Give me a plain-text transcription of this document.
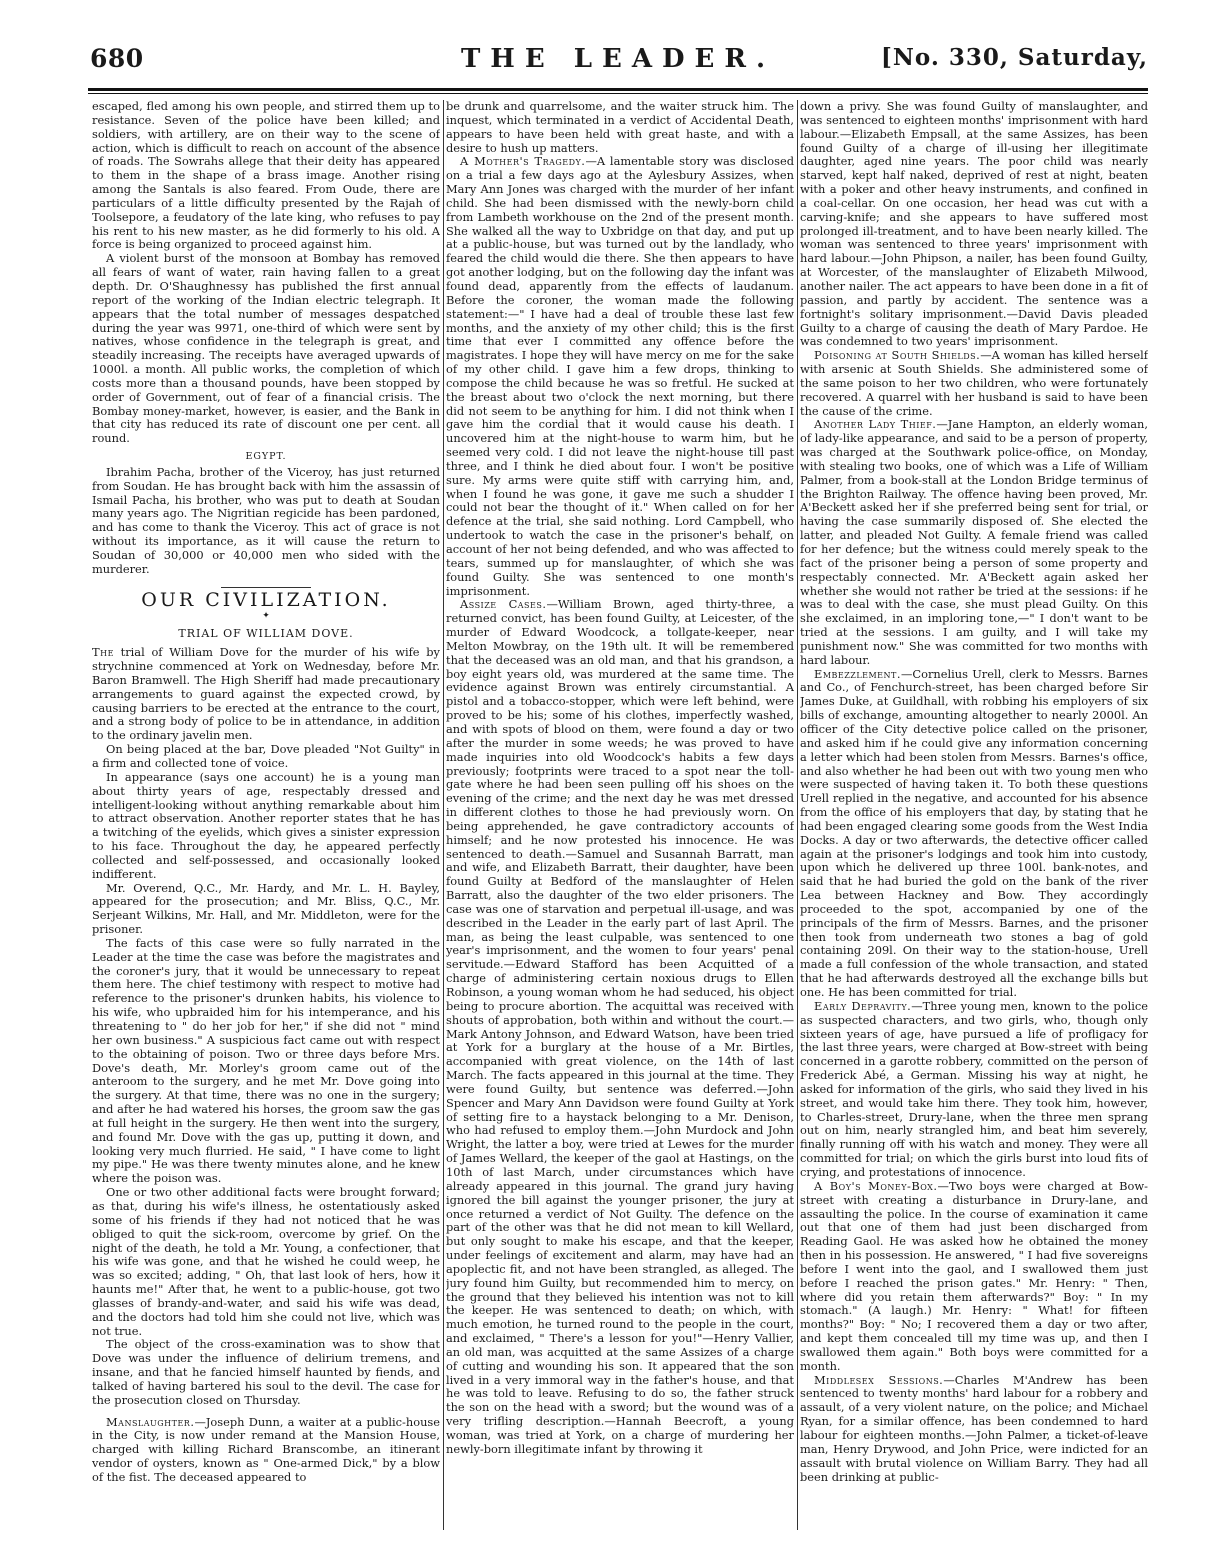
680	THE LEADER.	[No. 330, Saturday,

escaped, fled among his own people, and stirred them up to resistance. Seven of the police have been killed; and soldiers, with artillery, are on their way to the scene of action, which is difficult to reach on account of the absence of roads. The Sowrahs allege that their deity has appeared to them in the shape of a brass image. Another rising among the Santals is also feared. From Oude, there are particulars of a little difficulty presented by the Rajah of Toolsepore, a feudatory of the late king, who refuses to pay his rent to his new master, as he did formerly to his old. A force is being organized to proceed against him.

A violent burst of the monsoon at Bombay has removed all fears of want of water, rain having fallen to a great depth. Dr. O'Shaughnessy has published the first annual report of the working of the Indian electric telegraph. It appears that the total number of messages despatched during the year was 9971, one-third of which were sent by natives, whose confidence in the telegraph is great, and steadily increasing. The receipts have averaged upwards of 1000l. a month. All public works, the completion of which costs more than a thousand pounds, have been stopped by order of Government, out of fear of a financial crisis. The Bombay money-market, however, is easier, and the Bank in that city has reduced its rate of discount one per cent. all round.

EGYPT.

Ibrahim Pacha, brother of the Viceroy, has just returned from Soudan. He has brought back with him the assassin of Ismail Pacha, his brother, who was put to death at Soudan many years ago. The Nigritian regicide has been pardoned, and has come to thank the Viceroy. This act of grace is not without its importance, as it will cause the return to Soudan of 30,000 or 40,000 men who sided with the murderer.

OUR CIVILIZATION.
✦
TRIAL OF WILLIAM DOVE.

The trial of William Dove for the murder of his wife by strychnine commenced at York on Wednesday, before Mr. Baron Bramwell. The High Sheriff had made precautionary arrangements to guard against the expected crowd, by causing barriers to be erected at the entrance to the court, and a strong body of police to be in attendance, in addition to the ordinary javelin men.

On being placed at the bar, Dove pleaded "Not Guilty" in a firm and collected tone of voice.

In appearance (says one account) he is a young man about thirty years of age, respectably dressed and intelligent-looking without anything remarkable about him to attract observation. Another reporter states that he has a twitching of the eyelids, which gives a sinister expression to his face. Throughout the day, he appeared perfectly collected and self-possessed, and occasionally looked indifferent.

Mr. Overend, Q.C., Mr. Hardy, and Mr. L. H. Bayley, appeared for the prosecution; and Mr. Bliss, Q.C., Mr. Serjeant Wilkins, Mr. Hall, and Mr. Middleton, were for the prisoner.

The facts of this case were so fully narrated in the Leader at the time the case was before the magistrates and the coroner's jury, that it would be unnecessary to repeat them here. The chief testimony with respect to motive had reference to the prisoner's drunken habits, his violence to his wife, who upbraided him for his intemperance, and his threatening to " do her job for her," if she did not " mind her own business." A suspicious fact came out with respect to the obtaining of poison. Two or three days before Mrs. Dove's death, Mr. Morley's groom came out of the anteroom to the surgery, and he met Mr. Dove going into the surgery. At that time, there was no one in the surgery; and after he had watered his horses, the groom saw the gas at full height in the surgery. He then went into the surgery, and found Mr. Dove with the gas up, putting it down, and looking very much flurried. He said, " I have come to light my pipe." He was there twenty minutes alone, and he knew where the poison was.

One or two other additional facts were brought forward; as that, during his wife's illness, he ostentatiously asked some of his friends if they had not noticed that he was obliged to quit the sick-room, overcome by grief. On the night of the death, he told a Mr. Young, a confectioner, that his wife was gone, and that he wished he could weep, he was so excited; adding, " Oh, that last look of hers, how it haunts me!" After that, he went to a public-house, got two glasses of brandy-and-water, and said his wife was dead, and the doctors had told him she could not live, which was not true.

The object of the cross-examination was to show that Dove was under the influence of delirium tremens, and insane, and that he fancied himself haunted by fiends, and talked of having bartered his soul to the devil. The case for the prosecution closed on Thursday.

Manslaughter.—Joseph Dunn, a waiter at a public-house in the City, is now under remand at the Mansion House, charged with killing Richard Branscombe, an itinerant vendor of oysters, known as " One-armed Dick," by a blow of the fist. The deceased appeared to

be drunk and quarrelsome, and the waiter struck him. The inquest, which terminated in a verdict of Accidental Death, appears to have been held with great haste, and with a desire to hush up matters.

A Mother's Tragedy.—A lamentable story was disclosed on a trial a few days ago at the Aylesbury Assizes, when Mary Ann Jones was charged with the murder of her infant child. She had been dismissed with the newly-born child from Lambeth workhouse on the 2nd of the present month. She walked all the way to Uxbridge on that day, and put up at a public-house, but was turned out by the landlady, who feared the child would die there. She then appears to have got another lodging, but on the following day the infant was found dead, apparently from the effects of laudanum. Before the coroner, the woman made the following statement:—" I have had a deal of trouble these last few months, and the anxiety of my other child; this is the first time that ever I committed any offence before the magistrates. I hope they will have mercy on me for the sake of my other child. I gave him a few drops, thinking to compose the child because he was so fretful. He sucked at the breast about two o'clock the next morning, but there did not seem to be anything for him. I did not think when I gave him the cordial that it would cause his death. I uncovered him at the night-house to warm him, but he seemed very cold. I did not leave the night-house till past three, and I think he died about four. I won't be positive sure. My arms were quite stiff with carrying him, and, when I found he was gone, it gave me such a shudder I could not bear the thought of it." When called on for her defence at the trial, she said nothing. Lord Campbell, who undertook to watch the case in the prisoner's behalf, on account of her not being defended, and who was affected to tears, summed up for manslaughter, of which she was found Guilty. She was sentenced to one month's imprisonment.

Assize Cases.—William Brown, aged thirty-three, a returned convict, has been found Guilty, at Leicester, of the murder of Edward Woodcock, a tollgate-keeper, near Melton Mowbray, on the 19th ult. It will be remembered that the deceased was an old man, and that his grandson, a boy eight years old, was murdered at the same time. The evidence against Brown was entirely circumstantial. A pistol and a tobacco-stopper, which were left behind, were proved to be his; some of his clothes, imperfectly washed, and with spots of blood on them, were found a day or two after the murder in some weeds; he was proved to have made inquiries into old Woodcock's habits a few days previously; footprints were traced to a spot near the toll-gate where he had been seen pulling off his shoes on the evening of the crime; and the next day he was met dressed in different clothes to those he had previously worn. On being apprehended, he gave contradictory accounts of himself; and he now protested his innocence. He was sentenced to death.—Samuel and Susannah Barratt, man and wife, and Elizabeth Barratt, their daughter, have been found Guilty at Bedford of the manslaughter of Helen Barratt, also the daughter of the two elder prisoners. The case was one of starvation and perpetual ill-usage, and was described in the Leader in the early part of last April. The man, as being the least culpable, was sentenced to one year's imprisonment, and the women to four years' penal servitude.—Edward Stafford has been Acquitted of a charge of administering certain noxious drugs to Ellen Robinson, a young woman whom he had seduced, his object being to procure abortion. The acquittal was received with shouts of approbation, both within and without the court.—Mark Antony Johnson, and Edward Watson, have been tried at York for a burglary at the house of a Mr. Birtles, accompanied with great violence, on the 14th of last March. The facts appeared in this journal at the time. They were found Guilty, but sentence was deferred.—John Spencer and Mary Ann Davidson were found Guilty at York of setting fire to a haystack belonging to a Mr. Denison, who had refused to employ them.—John Murdock and John Wright, the latter a boy, were tried at Lewes for the murder of James Wellard, the keeper of the gaol at Hastings, on the 10th of last March, under circumstances which have already appeared in this journal. The grand jury having ignored the bill against the younger prisoner, the jury at once returned a verdict of Not Guilty. The defence on the part of the other was that he did not mean to kill Wellard, but only sought to make his escape, and that the keeper, under feelings of excitement and alarm, may have had an apoplectic fit, and not have been strangled, as alleged. The jury found him Guilty, but recommended him to mercy, on the ground that they believed his intention was not to kill the keeper. He was sentenced to death; on which, with much emotion, he turned round to the people in the court, and exclaimed, " There's a lesson for you!"—Henry Vallier, an old man, was acquitted at the same Assizes of a charge of cutting and wounding his son. It appeared that the son lived in a very immoral way in the father's house, and that he was told to leave. Refusing to do so, the father struck the son on the head with a sword; but the wound was of a very trifling description.—Hannah Beecroft, a young woman, was tried at York, on a charge of murdering her newly-born illegitimate infant by throwing it

down a privy. She was found Guilty of manslaughter, and was sentenced to eighteen months' imprisonment with hard labour.—Elizabeth Empsall, at the same Assizes, has been found Guilty of a charge of ill-using her illegitimate daughter, aged nine years. The poor child was nearly starved, kept half naked, deprived of rest at night, beaten with a poker and other heavy instruments, and confined in a coal-cellar. On one occasion, her head was cut with a carving-knife; and she appears to have suffered most prolonged ill-treatment, and to have been nearly killed. The woman was sentenced to three years' imprisonment with hard labour.—John Phipson, a nailer, has been found Guilty, at Worcester, of the manslaughter of Elizabeth Milwood, another nailer. The act appears to have been done in a fit of passion, and partly by accident. The sentence was a fortnight's solitary imprisonment.—David Davis pleaded Guilty to a charge of causing the death of Mary Pardoe. He was condemned to two years' imprisonment.

Poisoning at South Shields.—A woman has killed herself with arsenic at South Shields. She administered some of the same poison to her two children, who were fortunately recovered. A quarrel with her husband is said to have been the cause of the crime.

Another Lady Thief.—Jane Hampton, an elderly woman, of lady-like appearance, and said to be a person of property, was charged at the Southwark police-office, on Monday, with stealing two books, one of which was a Life of William Palmer, from a book-stall at the London Bridge terminus of the Brighton Railway. The offence having been proved, Mr. A'Beckett asked her if she preferred being sent for trial, or having the case summarily disposed of. She elected the latter, and pleaded Not Guilty. A female friend was called for her defence; but the witness could merely speak to the fact of the prisoner being a person of some property and respectably connected. Mr. A'Beckett again asked her whether she would not rather be tried at the sessions: if he was to deal with the case, she must plead Guilty. On this she exclaimed, in an imploring tone,—" I don't want to be tried at the sessions. I am guilty, and I will take my punishment now." She was committed for two months with hard labour.

Embezzlement.—Cornelius Urell, clerk to Messrs. Barnes and Co., of Fenchurch-street, has been charged before Sir James Duke, at Guildhall, with robbing his employers of six bills of exchange, amounting altogether to nearly 2000l. An officer of the City detective police called on the prisoner, and asked him if he could give any information concerning a letter which had been stolen from Messrs. Barnes's office, and also whether he had been out with two young men who were suspected of having taken it. To both these questions Urell replied in the negative, and accounted for his absence from the office of his employers that day, by stating that he had been engaged clearing some goods from the West India Docks. A day or two afterwards, the detective officer called again at the prisoner's lodgings and took him into custody, upon which he delivered up three 100l. bank-notes, and said that he had buried the gold on the bank of the river Lea between Hackney and Bow. They accordingly proceeded to the spot, accompanied by one of the principals of the firm of Messrs. Barnes, and the prisoner then took from underneath two stones a bag of gold containing 209l. On their way to the station-house, Urell made a full confession of the whole transaction, and stated that he had afterwards destroyed all the exchange bills but one. He has been committed for trial.

Early Depravity.—Three young men, known to the police as suspected characters, and two girls, who, though only sixteen years of age, have pursued a life of profligacy for the last three years, were charged at Bow-street with being concerned in a garotte robbery, committed on the person of Frederick Abé, a German. Missing his way at night, he asked for information of the girls, who said they lived in his street, and would take him there. They took him, however, to Charles-street, Drury-lane, when the three men sprang out on him, nearly strangled him, and beat him severely, finally running off with his watch and money. They were all committed for trial; on which the girls burst into loud fits of crying, and protestations of innocence.

A Boy's Money-Box.—Two boys were charged at Bow-street with creating a disturbance in Drury-lane, and assaulting the police. In the course of examination it came out that one of them had just been discharged from Reading Gaol. He was asked how he obtained the money then in his possession. He answered, " I had five sovereigns before I went into the gaol, and I swallowed them just before I reached the prison gates." Mr. Henry: " Then, where did you retain them afterwards?" Boy: " In my stomach." (A laugh.) Mr. Henry: " What! for fifteen months?" Boy: " No; I recovered them a day or two after, and kept them concealed till my time was up, and then I swallowed them again." Both boys were committed for a month.

Middlesex Sessions.—Charles M'Andrew has been sentenced to twenty months' hard labour for a robbery and assault, of a very violent nature, on the police; and Michael Ryan, for a similar offence, has been condemned to hard labour for eighteen months.—John Palmer, a ticket-of-leave man, Henry Drywood, and John Price, were indicted for an assault with brutal violence on William Barry. They had all been drinking at public-
